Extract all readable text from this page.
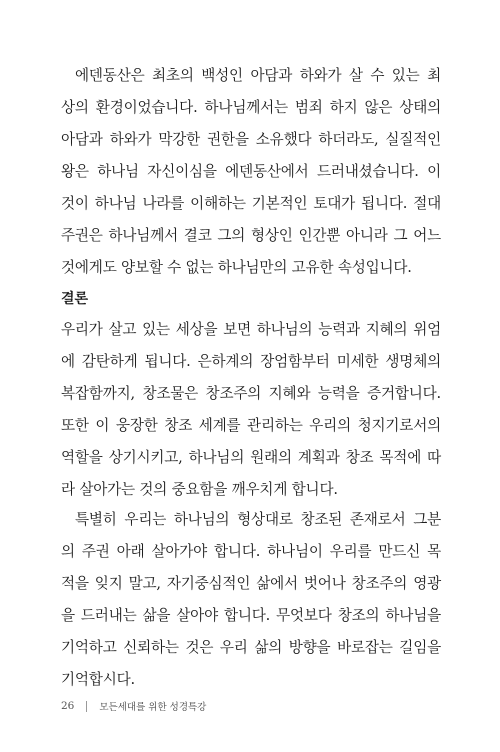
에덴동산은 최초의 백성인 아담과 하와가 살 수 있는 최
상의 환경이었습니다. 하나님께서는 범죄 하지 않은 상태의
아담과 하와가 막강한 권한을 소유했다 하더라도, 실질적인
왕은 하나님 자신이심을 에덴동산에서 드러내셨습니다. 이
것이 하나님 나라를 이해하는 기본적인 토대가 됩니다. 절대
주권은 하나님께서 결코 그의 형상인 인간뿐 아니라 그 어느
것에게도 양보할 수 없는 하나님만의 고유한 속성입니다.
결론
우리가 살고 있는 세상을 보면 하나님의 능력과 지혜의 위엄
에 감탄하게 됩니다. 은하계의 장엄함부터 미세한 생명체의
복잡함까지, 창조물은 창조주의 지혜와 능력을 증거합니다.
또한 이 웅장한 창조 세계를 관리하는 우리의 청지기로서의
역할을 상기시키고, 하나님의 원래의 계획과 창조 목적에 따
라 살아가는 것의 중요함을 깨우치게 합니다.
특별히 우리는 하나님의 형상대로 창조된 존재로서 그분
의 주권 아래 살아가야 합니다. 하나님이 우리를 만드신 목
적을 잊지 말고, 자기중심적인 삶에서 벗어나 창조주의 영광
을 드러내는 삶을 살아야 합니다. 무엇보다 창조의 하나님을
기억하고 신뢰하는 것은 우리 삶의 방향을 바로잡는 길임을
기억합시다.
26	모든세대를 위한 성경특강
